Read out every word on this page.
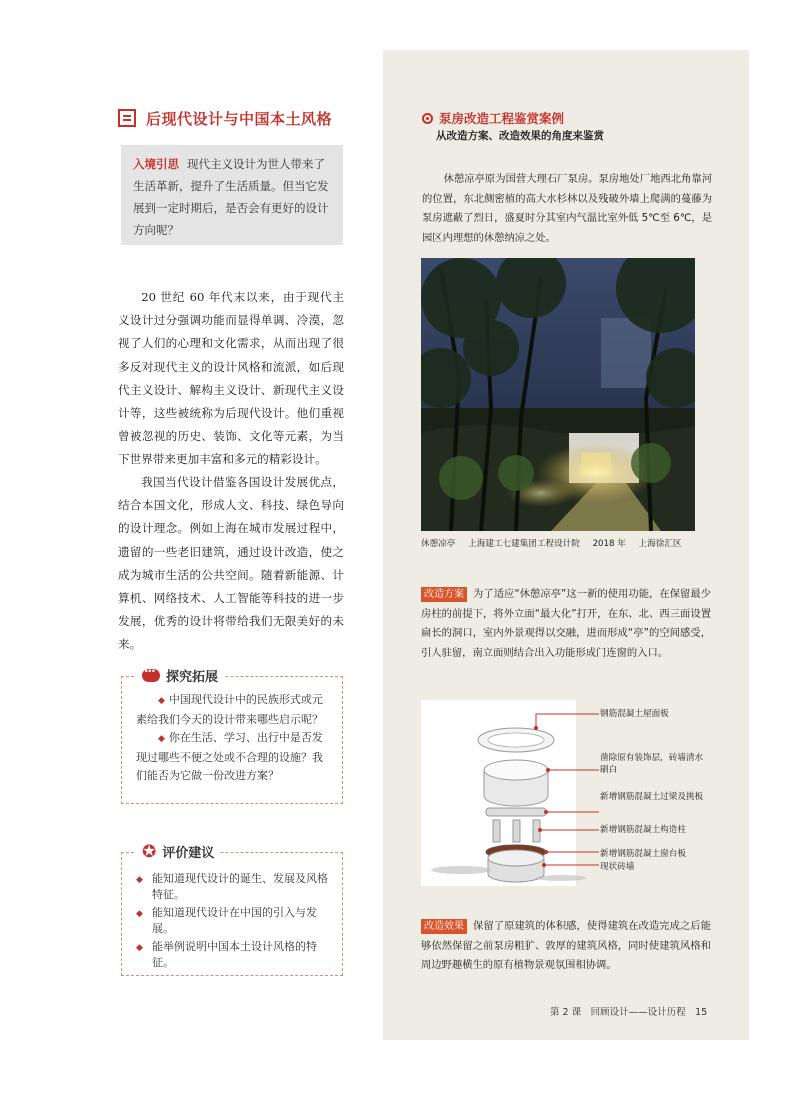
后现代设计与中国本土风格
入境引思 现代主义设计为世人带来了生活革新，提升了生活质量。但当它发展到一定时期后，是否会有更好的设计方向呢？

20 世纪 60 年代末以来，由于现代主义设计过分强调功能而显得单调、冷漠，忽视了人们的心理和文化需求，从而出现了很多反对现代主义的设计风格和流派，如后现代主义设计、解构主义设计、新现代主义设计等，这些被统称为后现代设计。他们重视曾被忽视的历史、装饰、文化等元素，为当下世界带来更加丰富和多元的精彩设计。

我国当代设计借鉴各国设计发展优点，结合本国文化，形成人文、科技、绿色导向的设计理念。例如上海在城市发展过程中，遗留的一些老旧建筑，通过设计改造，使之成为城市生活的公共空间。随着新能源、计算机、网络技术、人工智能等科技的进一步发展，优秀的设计将带给我们无限美好的未来。

···
探究拓展

◆ 中国现代设计中的民族形式或元素给我们今天的设计带来哪些启示呢？

◆ 你在生活、学习、出行中是否发现过哪些不便之处或不合理的设施？我们能否为它做一份改进方案？

✪ 评价建议

◆ 能知道现代设计的诞生、发展及风格特征。

◆ 能知道现代设计在中国的引入与发展。

◆ 能举例说明中国本土设计风格的特征。

泵房改造工程鉴赏案例
从改造方案、改造效果的角度来鉴赏

休憩凉亭原为国营大理石厂泵房。泵房地处厂地西北角靠河的位置，东北侧密植的高大水杉林以及残破外墙上爬满的蔓藤为泵房遮蔽了烈日，盛夏时分其室内气温比室外低 5℃至 6℃，是园区内理想的休憩纳凉之处。

休憩凉亭 上海建工七建集团工程设计院 2018 年 上海徐汇区

改造方案 为了适应“休憩凉亭”这一新的使用功能，在保留最少房柱的前提下，将外立面“最大化”打开，在东、北、西三面设置扁长的洞口，室内外景观得以交融，进而形成“亭”的空间感受，引人驻留，南立面则结合出入功能形成门连窗的入口。

钢筋混凝土屋面板
凿除原有装饰层，砖墙清水刷白
新增钢筋混凝土过梁及挑板
新增钢筋混凝土构造柱
新增钢筋混凝土窗台板
现状砖墙

改造效果 保留了原建筑的体积感，使得建筑在改造完成之后能够依然保留之前泵房粗犷、敦厚的建筑风格，同时使建筑风格和周边野趣横生的原有植物景观氛围相协调。

第 2 课　回顾设计——设计历程　15
